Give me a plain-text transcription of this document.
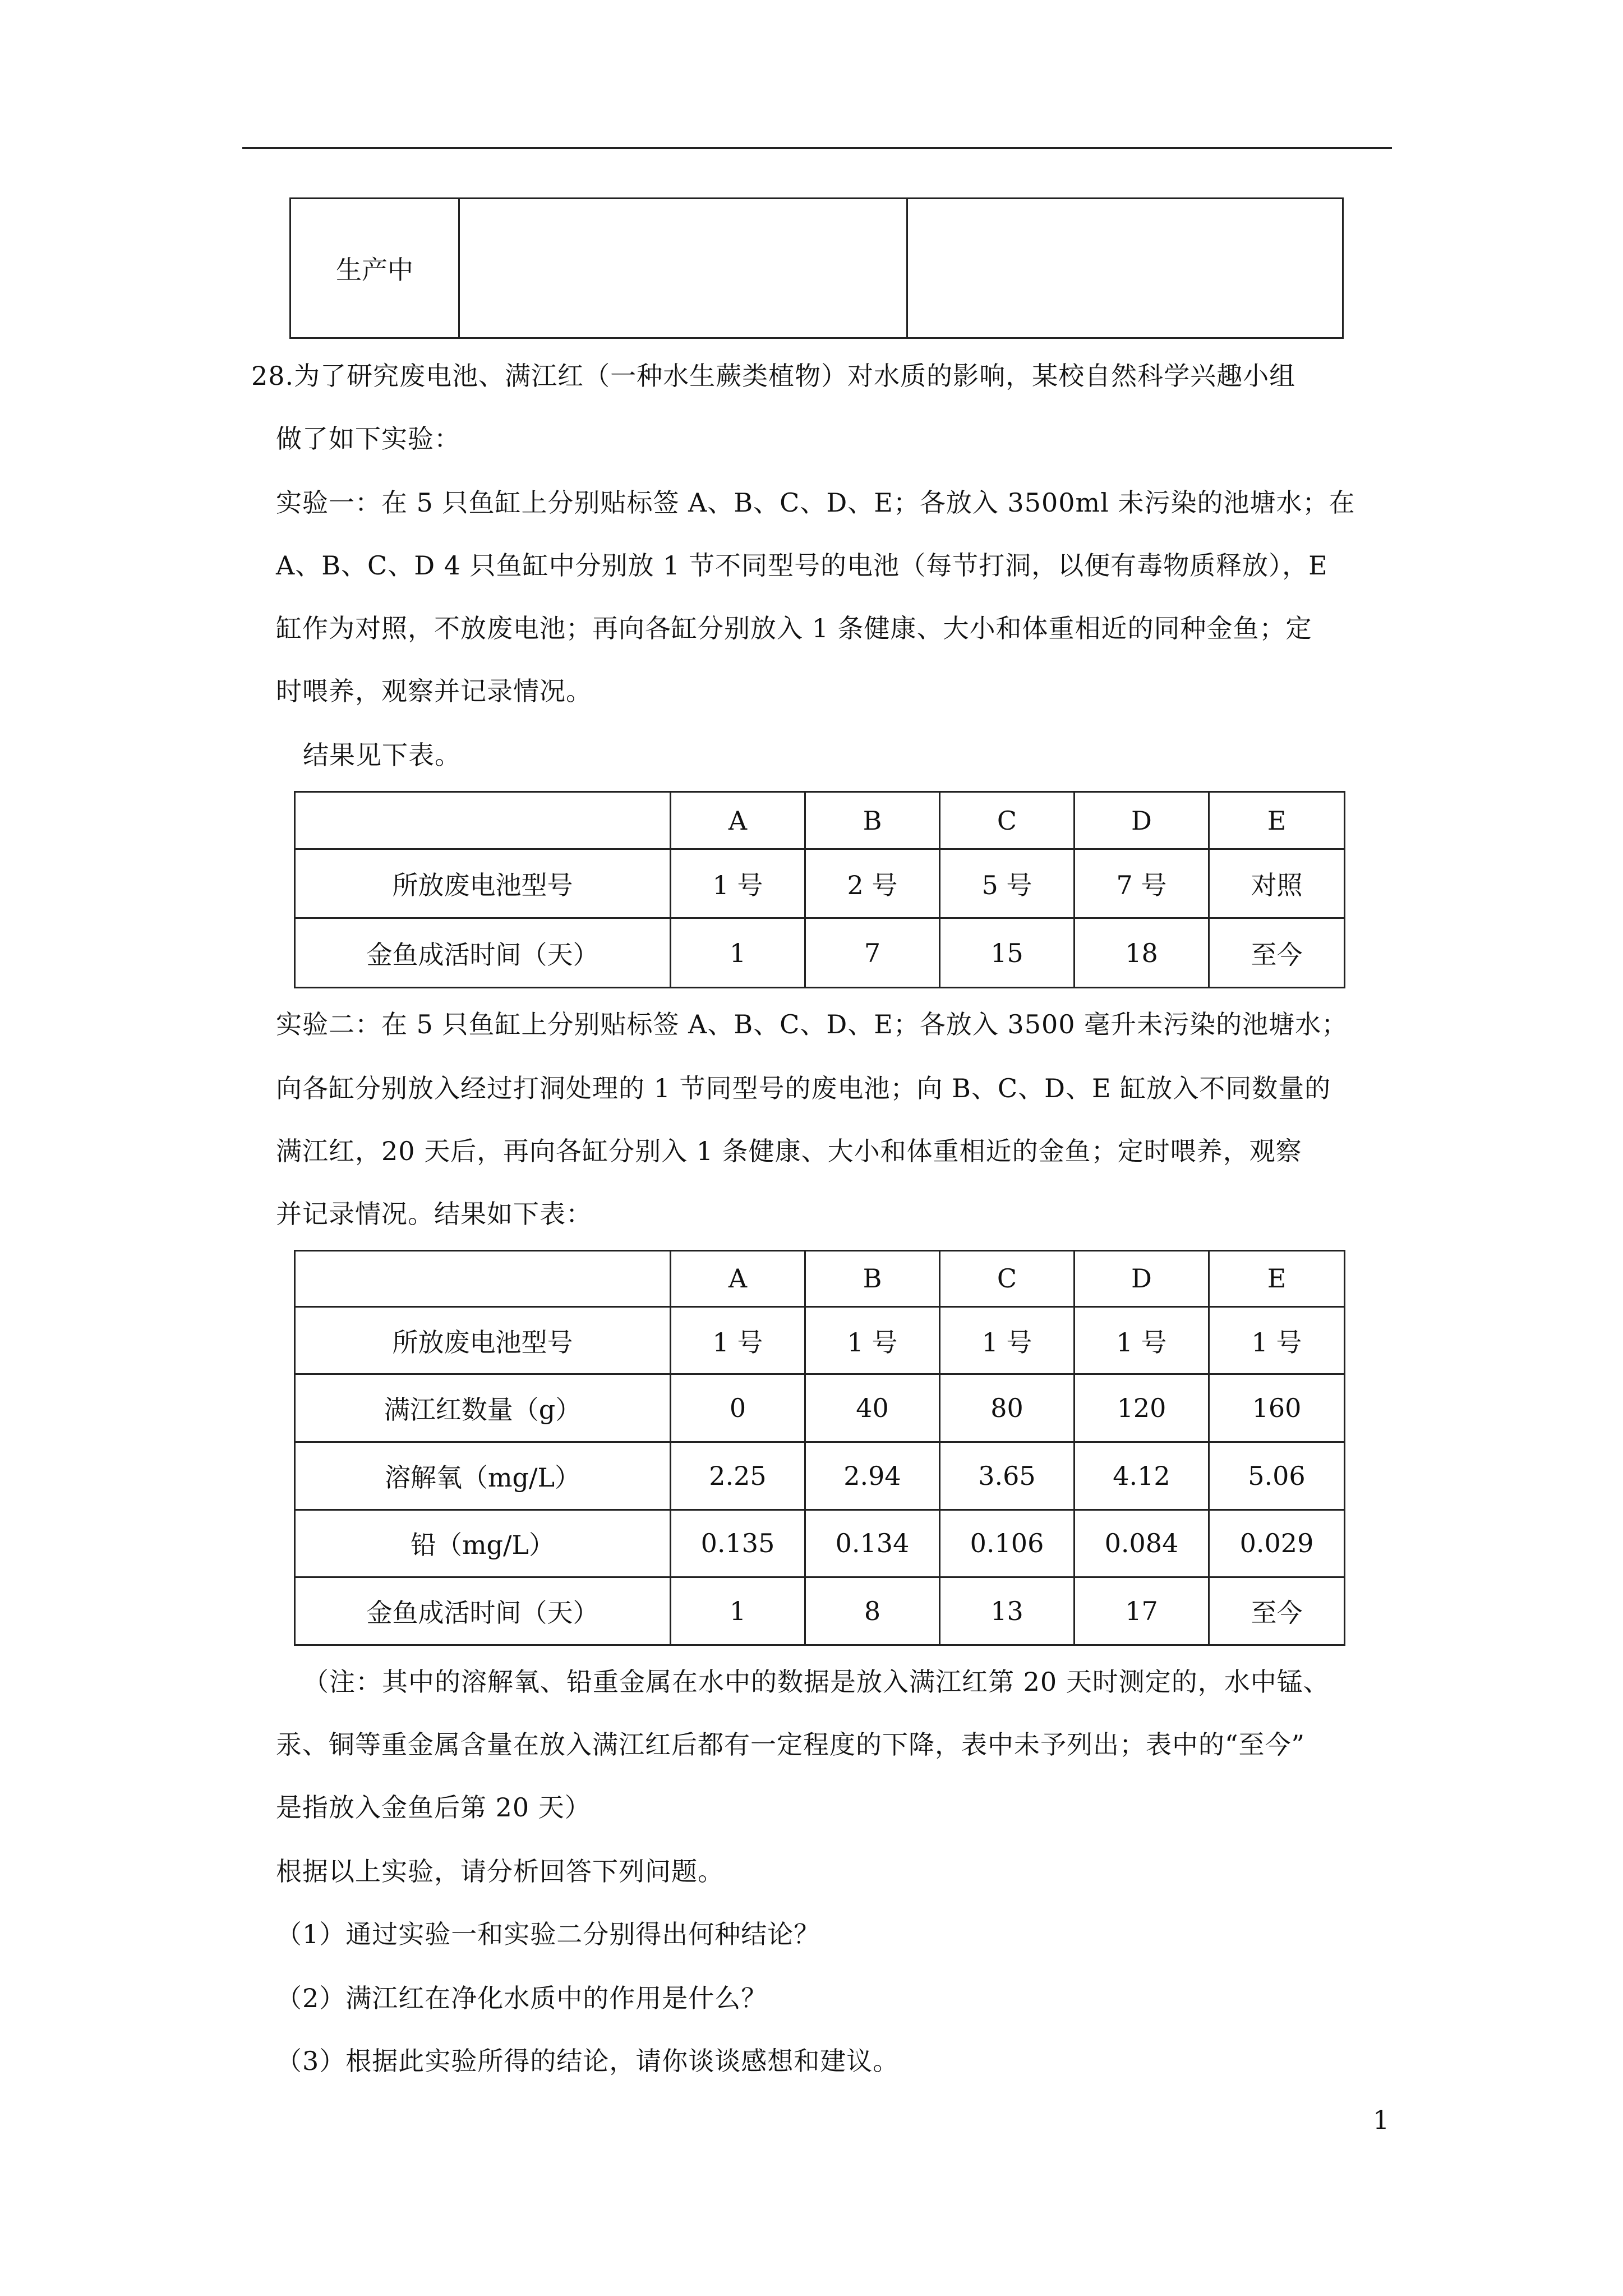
生产中		
28.为了研究废电池、满江红（一种水生蕨类植物）对水质的影响，某校自然科学兴趣小组
做了如下实验：
实验一：在 5 只鱼缸上分别贴标签 A、B、C、D、E；各放入 3500ml 未污染的池塘水；在
A、B、C、D 4 只鱼缸中分别放 1 节不同型号的电池（每节打洞，以便有毒物质释放），E
缸作为对照，不放废电池；再向各缸分别放入 1 条健康、大小和体重相近的同种金鱼；定
时喂养，观察并记录情况。
结果见下表。
	A	B	C	D	E
所放废电池型号	1 号	2 号	5 号	7 号	对照
金鱼成活时间（天）	1	7	15	18	至今
实验二：在 5 只鱼缸上分别贴标签 A、B、C、D、E；各放入 3500 毫升未污染的池塘水；
向各缸分别放入经过打洞处理的 1 节同型号的废电池；向 B、C、D、E 缸放入不同数量的
满江红，20 天后，再向各缸分别入 1 条健康、大小和体重相近的金鱼；定时喂养，观察
并记录情况。结果如下表：
	A	B	C	D	E
所放废电池型号	1 号	1 号	1 号	1 号	1 号
满江红数量（g）	0	40	80	120	160
溶解氧（mg/L）	2.25	2.94	3.65	4.12	5.06
铅（mg/L）	0.135	0.134	0.106	0.084	0.029
金鱼成活时间（天）	1	8	13	17	至今
（注：其中的溶解氧、铅重金属在水中的数据是放入满江红第 20 天时测定的，水中锰、
汞、铜等重金属含量在放入满江红后都有一定程度的下降，表中未予列出；表中的“至今”
是指放入金鱼后第 20 天）
根据以上实验，请分析回答下列问题。
（1）通过实验一和实验二分别得出何种结论？
（2）满江红在净化水质中的作用是什么？
（3）根据此实验所得的结论，请你谈谈感想和建议。
1
